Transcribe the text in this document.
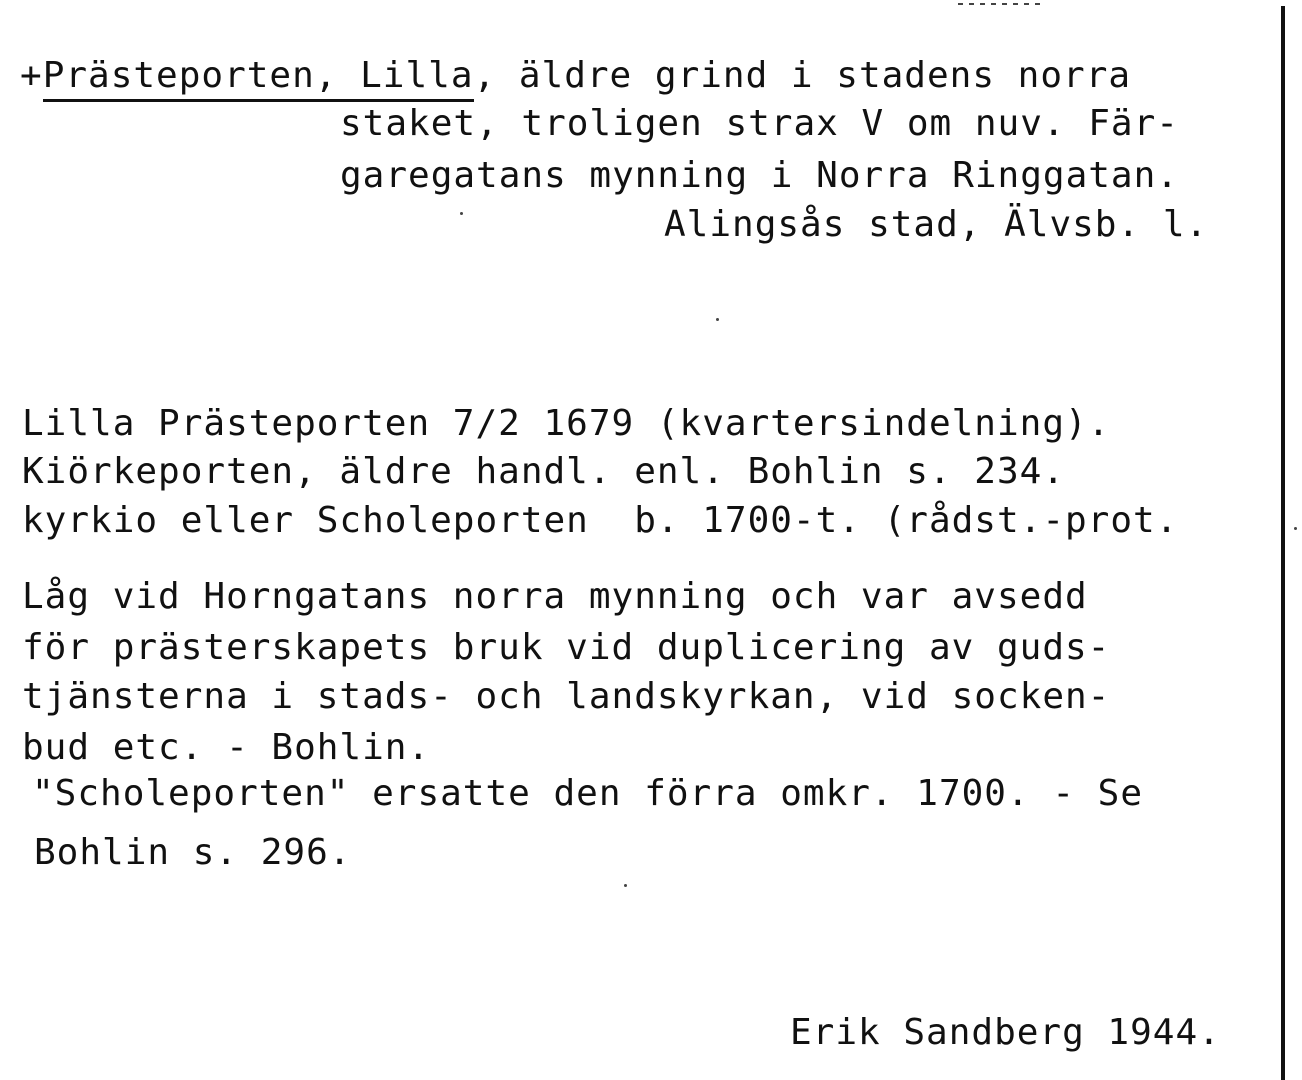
+Prästeporten, Lilla, äldre grind i stadens norra
staket, troligen strax V om nuv. Fär-
garegatans mynning i Norra Ringgatan.
Alingsås stad, Älvsb. l.
Lilla Prästeporten 7/2 1679 (kvartersindelning).
Kiörkeporten, äldre handl. enl. Bohlin s. 234.
kyrkio eller Scholeporten  b. 1700-t. (rådst.-prot.
Låg vid Horngatans norra mynning och var avsedd
för prästerskapets bruk vid duplicering av guds-
tjänsterna i stads- och landskyrkan, vid socken-
bud etc. - Bohlin.
"Scholeporten" ersatte den förra omkr. 1700. - Se
Bohlin s. 296.
Erik Sandberg 1944.
